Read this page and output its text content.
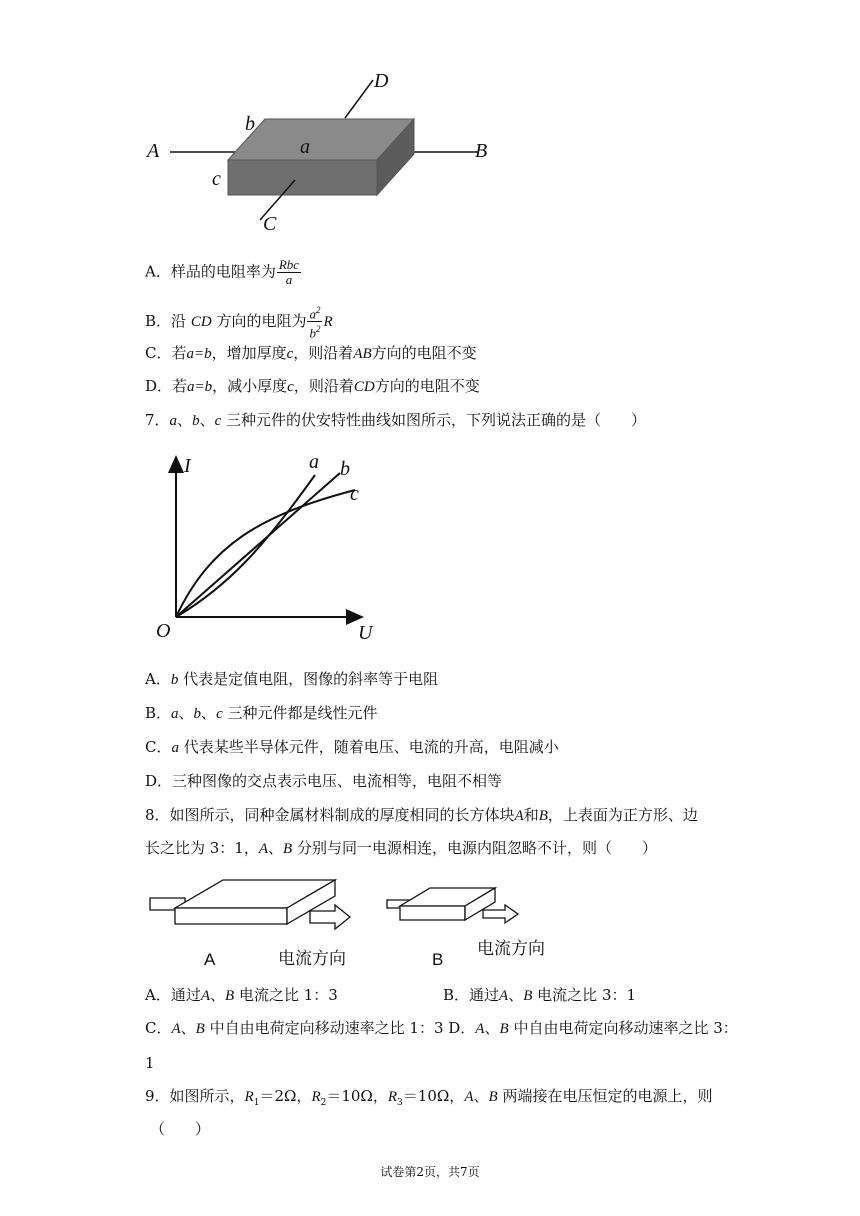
A	B
D
C
a
b
c
A．样品的电阻率为 $\frac{\text{Rbc}}{a}$
B．沿 CD 方向的电阻为 $\frac{a^2}{b^2}$ R
C．若a=b，增加厚度c，则沿着AB方向的电阻不变
D．若a=b，减小厚度c，则沿着CD方向的电阻不变
7．a、b、c 三种元件的伏安特性曲线如图所示，下列说法正确的是（　　）
I
U
O
a b
c
A．b 代表是定值电阻，图像的斜率等于电阻
B．a、b、c 三种元件都是线性元件
C．a 代表某些半导体元件，随着电压、电流的升高，电阻减小
D．三种图像的交点表示电压、电流相等，电阻不相等
8．如图所示，同种金属材料制成的厚度相同的长方体块A和B，上表面为正方形、边
长之比为 3：1，A、B 分别与同一电源相连，电源内阻忽略不计，则（　　）
A	电流方向	B
电流方向
A．通过A、B 电流之比 1：3	B．通过A、B 电流之比 3：1
C．A、B 中自由电荷定向移动速率之比 1：3 D．A、B 中自由电荷定向移动速率之比 3：
1
9．如图所示，$R_1=2\Omega$，$R_2=10\Omega$，$R_3=10\Omega$，A、B 两端接在电压恒定的电源上，则
（　　）
试卷第2页，共7页
